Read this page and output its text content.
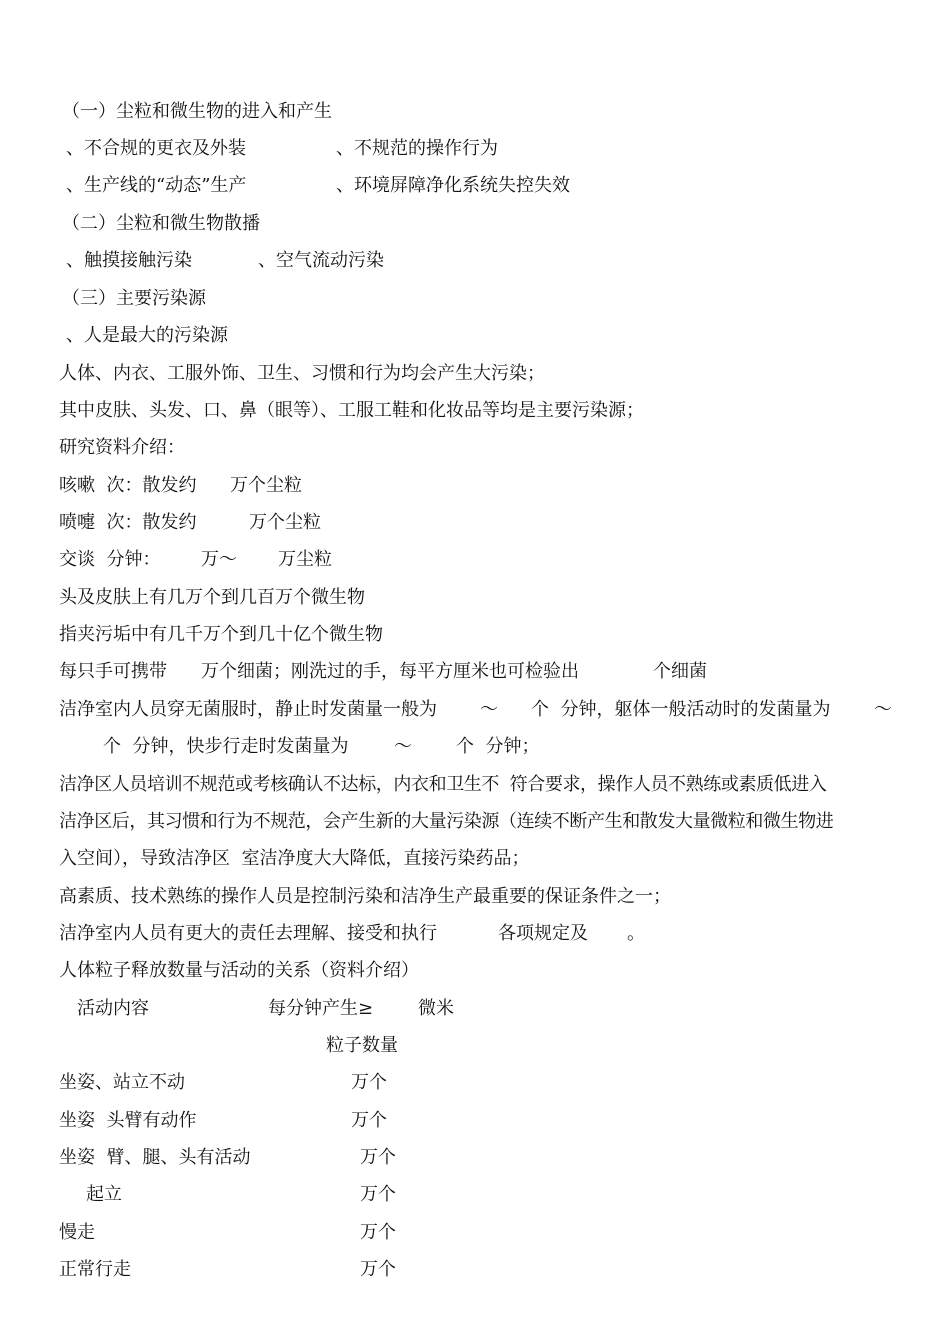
（一）尘粒和微生物的进入和产生
、不合规的更衣及外装	、不规范的操作行为
、生产线的“动态”生产	、环境屏障净化系统失控失效
（二）尘粒和微生物散播
、触摸接触污染	、空气流动污染
（三）主要污染源
、人是最大的污染源
人体、内衣、工服外饰、卫生、习惯和行为均会产生大污染；
其中皮肤、头发、口、鼻（眼等）、工服工鞋和化妆品等均是主要污染源；
研究资料介绍：
咳嗽  次：散发约 万个尘粒
喷嚏  次：散发约	万个尘粒
交谈  分钟： 万～ 万尘粒
头及皮肤上有几万个到几百万个微生物
指夹污垢中有几千万个到几十亿个微生物
每只手可携带 万个细菌；刚洗过的手，每平方厘米也可检验出	个细菌
洁净室内人员穿无菌服时，静止时发菌量一般为 ～ 个  分钟，躯体一般活动时的发菌量为 ～
个  分钟，快步行走时发菌量为	～ 个  分钟；
洁净区人员培训不规范或考核确认不达标，内衣和卫生不  符合要求，操作人员不熟练或素质低进入
洁净区后，其习惯和行为不规范，会产生新的大量污染源（连续不断产生和散发大量微粒和微生物进
入空间），导致洁净区  室洁净度大大降低，直接污染药品；
高素质、技术熟练的操作人员是控制污染和洁净生产最重要的保证条件之一；
洁净室内人员有更大的责任去理解、接受和执行	各项规定及 。
人体粒子释放数量与活动的关系（资料介绍）
活动内容	每分钟产生≥ 微米
粒子数量
坐姿、站立不动	万个
坐姿  头臂有动作	万个
坐姿  臂、腿、头有活动	万个
起立	万个
慢走	万个
正常行走	万个
